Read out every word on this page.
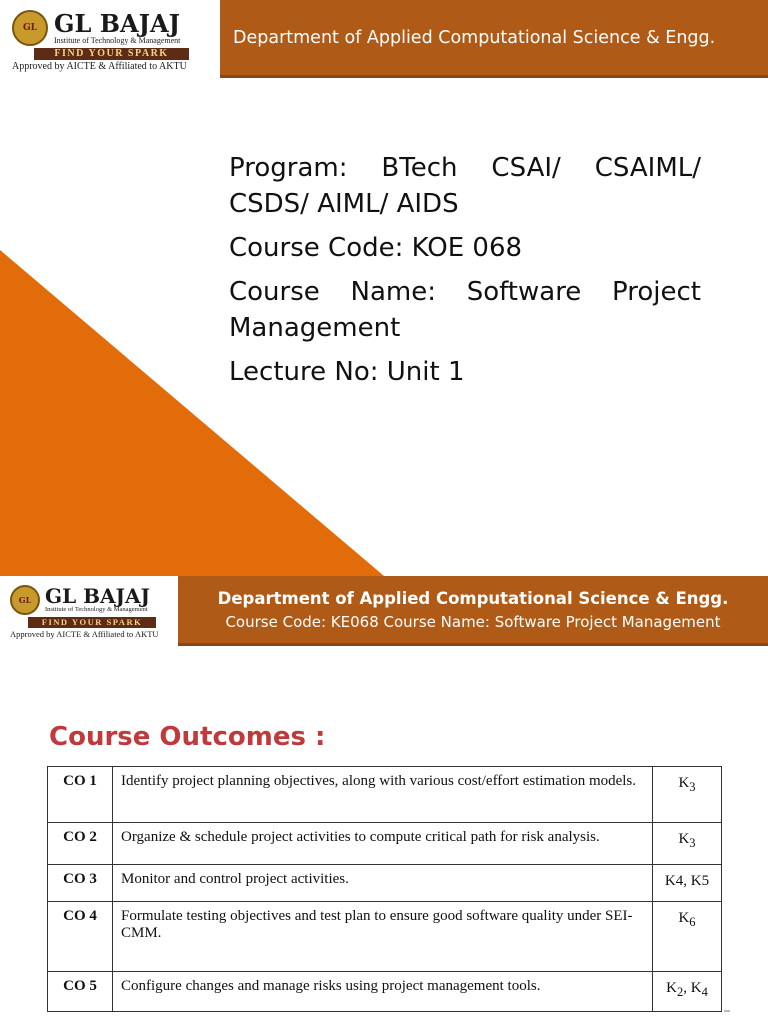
GL GL BAJAJ
Institute of Technology & Management
FIND YOUR SPARK
Approved by AICTE & Affiliated to AKTU
Department of Applied Computational Science & Engg.

Program: BTech CSAI/ CSAIML/ CSDS/ AIML/ AIDS

Course Code: KOE 068

Course Name: Software Project Management

Lecture No: Unit 1

GL GL BAJAJ
Institute of Technology & Management
FIND YOUR SPARK
Approved by AICTE & Affiliated to AKTU
Department of Applied Computational Science & Engg.
Course Code: KE068 Course Name: Software Project Management
Course Outcomes :
CO 1	Identify project planning objectives, along with various cost/effort estimation models.	$K_3$
CO 2	Organize & schedule project activities to compute critical path for risk analysis.	$K_3$
CO 3	Monitor and control project activities.	K4, K5
CO 4	Formulate testing objectives and test plan to ensure good software quality under SEI-CMM.	$K_6$
CO 5	Configure changes and manage risks using project management tools.	$K_2$, $K_4$
